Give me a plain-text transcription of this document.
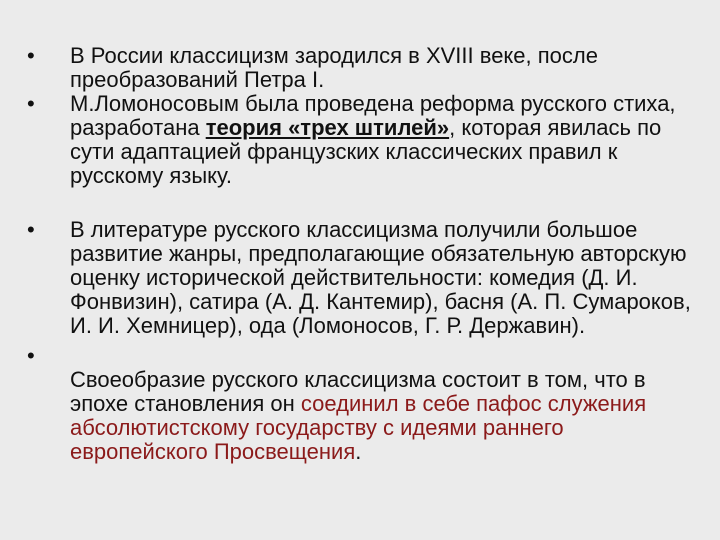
•	В России классицизм зародился в XVIII веке, после преобразований Петра I.
•	М.Ломоносовым была проведена реформа русского стиха, разработана теория «трех штилей», которая явилась по сути адаптацией французских классических правил к русскому языку.
•	В литературе русского классицизма получили большое развитие жанры, предполагающие обязательную авторскую оценку исторической действительности: комедия (Д. И. Фонвизин), сатира (А. Д. Кантемир), басня (А. П. Сумароков, И. И. Хемницер), ода (Ломоносов, Г. Р. Державин).
•
Своеобразие русского классицизма состоит в том, что в эпохе становления он соединил в себе пафос служения абсолютистскому государству с идеями раннего европейского Просвещения.
